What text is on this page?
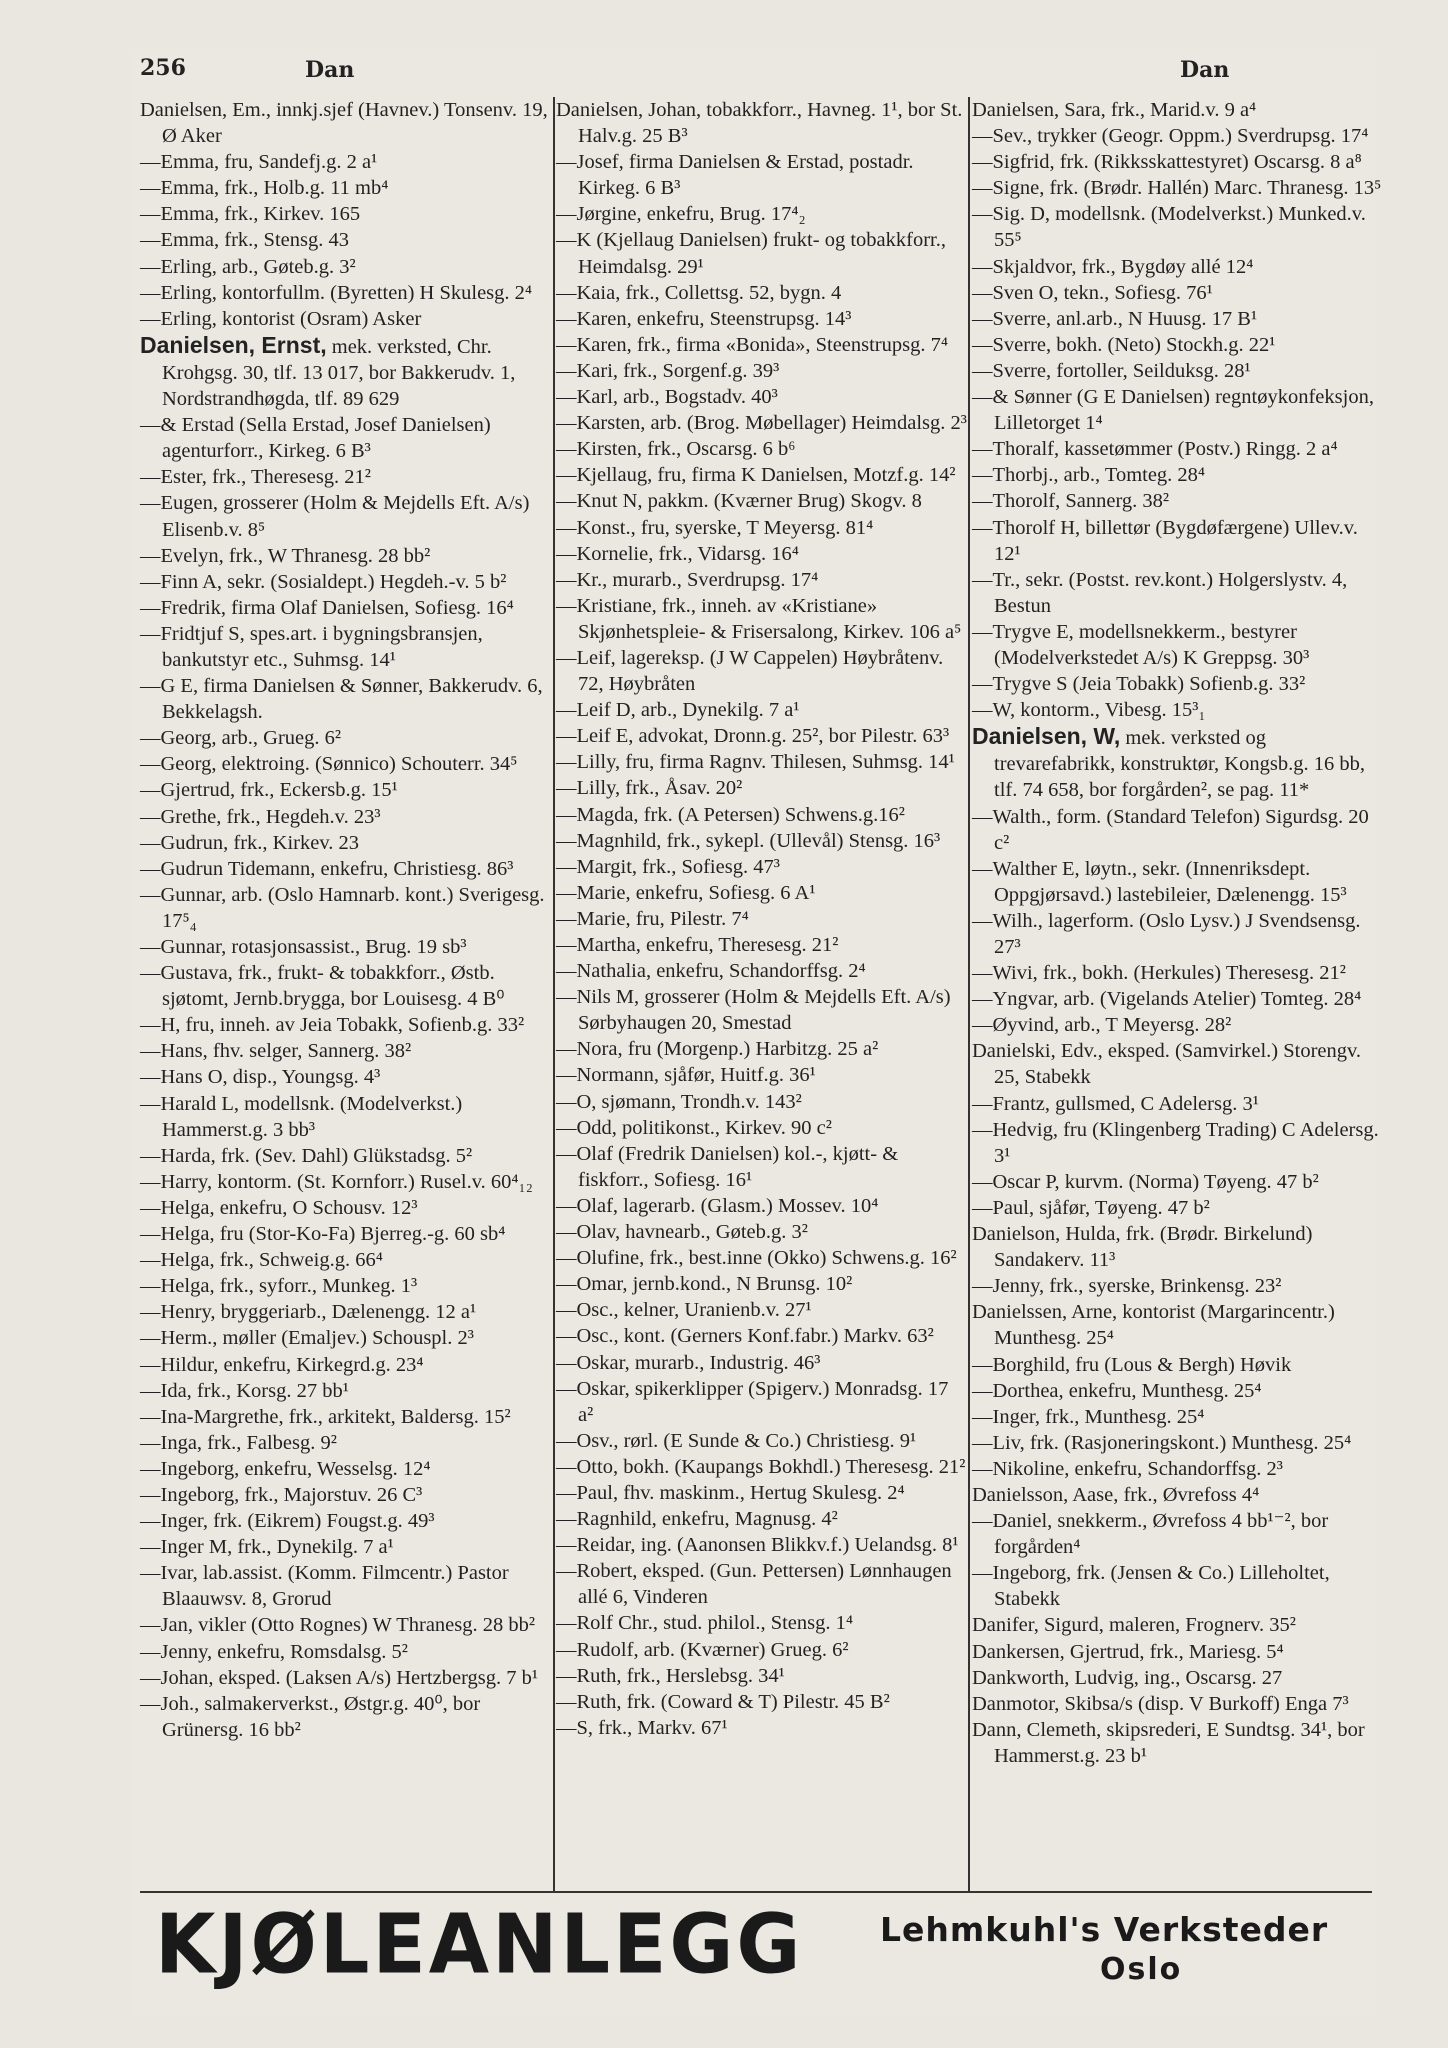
256	Dan	Dan

Danielsen, Em., innkj.sjef (Havnev.) Tonsenv. 19, Ø Aker

—Emma, fru, Sandefj.g. 2 a¹

—Emma, frk., Holb.g. 11 mb⁴

—Emma, frk., Kirkev. 165

—Emma, frk., Stensg. 43

—Erling, arb., Gøteb.g. 3²

—Erling, kontorfullm. (Byretten) H Skulesg. 2⁴

—Erling, kontorist (Osram) Asker

Danielsen, Ernst, mek. verksted, Chr. Krohgsg. 30, tlf. 13 017, bor Bakkerudv. 1, Nordstrandhøgda, tlf. 89 629

—& Erstad (Sella Erstad, Josef Danielsen) agenturforr., Kirkeg. 6 B³

—Ester, frk., Theresesg. 21²

—Eugen, grosserer (Holm & Mejdells Eft. A/s) Elisenb.v. 8⁵

—Evelyn, frk., W Thranesg. 28 bb²

—Finn A, sekr. (Sosialdept.) Hegdeh.-v. 5 b²

—Fredrik, firma Olaf Danielsen, Sofiesg. 16⁴

—Fridtjuf S, spes.art. i bygningsbransjen, bankutstyr etc., Suhmsg. 14¹

—G E, firma Danielsen & Sønner, Bakkerudv. 6, Bekkelagsh.

—Georg, arb., Grueg. 6²

—Georg, elektroing. (Sønnico) Schouterr. 34⁵

—Gjertrud, frk., Eckersb.g. 15¹

—Grethe, frk., Hegdeh.v. 23³

—Gudrun, frk., Kirkev. 23

—Gudrun Tidemann, enkefru, Christiesg. 86³

—Gunnar, arb. (Oslo Hamnarb. kont.) Sverigesg. 17⁵₄

—Gunnar, rotasjonsassist., Brug. 19 sb³

—Gustava, frk., frukt- & tobakkforr., Østb. sjøtomt, Jernb.brygga, bor Louisesg. 4 B⁰

—H, fru, inneh. av Jeia Tobakk, Sofienb.g. 33²

—Hans, fhv. selger, Sannerg. 38²

—Hans O, disp., Youngsg. 4³

—Harald L, modellsnk. (Modelverkst.) Hammerst.g. 3 bb³

—Harda, frk. (Sev. Dahl) Glükstadsg. 5²

—Harry, kontorm. (St. Kornforr.) Rusel.v. 60⁴₁₂

—Helga, enkefru, O Schousv. 12³

—Helga, fru (Stor-Ko-Fa) Bjerreg.-g. 60 sb⁴

—Helga, frk., Schweig.g. 66⁴

—Helga, frk., syforr., Munkeg. 1³

—Henry, bryggeriarb., Dælenengg. 12 a¹

—Herm., møller (Emaljev.) Schouspl. 2³

—Hildur, enkefru, Kirkegrd.g. 23⁴

—Ida, frk., Korsg. 27 bb¹

—Ina-Margrethe, frk., arkitekt, Baldersg. 15²

—Inga, frk., Falbesg. 9²

—Ingeborg, enkefru, Wesselsg. 12⁴

—Ingeborg, frk., Majorstuv. 26 C³

—Inger, frk. (Eikrem) Fougst.g. 49³

—Inger M, frk., Dynekilg. 7 a¹

—Ivar, lab.assist. (Komm. Filmcentr.) Pastor Blaauwsv. 8, Grorud

—Jan, vikler (Otto Rognes) W Thranesg. 28 bb²

—Jenny, enkefru, Romsdalsg. 5²

—Johan, eksped. (Laksen A/s) Hertzbergsg. 7 b¹

—Joh., salmakerverkst., Østgr.g. 40⁰, bor Grünersg. 16 bb²

Danielsen, Johan, tobakkforr., Havneg. 1¹, bor St. Halv.g. 25 B³

—Josef, firma Danielsen & Erstad, postadr. Kirkeg. 6 B³

—Jørgine, enkefru, Brug. 17⁴₂

—K (Kjellaug Danielsen) frukt- og tobakkforr., Heimdalsg. 29¹

—Kaia, frk., Collettsg. 52, bygn. 4

—Karen, enkefru, Steenstrupsg. 14³

—Karen, frk., firma «Bonida», Steenstrupsg. 7⁴

—Kari, frk., Sorgenf.g. 39³

—Karl, arb., Bogstadv. 40³

—Karsten, arb. (Brog. Møbellager) Heimdalsg. 2³

—Kirsten, frk., Oscarsg. 6 b⁶

—Kjellaug, fru, firma K Danielsen, Motzf.g. 14²

—Knut N, pakkm. (Kværner Brug) Skogv. 8

—Konst., fru, syerske, T Meyersg. 81⁴

—Kornelie, frk., Vidarsg. 16⁴

—Kr., murarb., Sverdrupsg. 17⁴

—Kristiane, frk., inneh. av «Kristiane» Skjønhetspleie- & Frisersalong, Kirkev. 106 a⁵

—Leif, lagereksp. (J W Cappelen) Høybråtenv. 72, Høybråten

—Leif D, arb., Dynekilg. 7 a¹

—Leif E, advokat, Dronn.g. 25², bor Pilestr. 63³

—Lilly, fru, firma Ragnv. Thilesen, Suhmsg. 14¹

—Lilly, frk., Åsav. 20²

—Magda, frk. (A Petersen) Schwens.g.16²

—Magnhild, frk., sykepl. (Ullevål) Stensg. 16³

—Margit, frk., Sofiesg. 47³

—Marie, enkefru, Sofiesg. 6 A¹

—Marie, fru, Pilestr. 7⁴

—Martha, enkefru, Theresesg. 21²

—Nathalia, enkefru, Schandorffsg. 2⁴

—Nils M, grosserer (Holm & Mejdells Eft. A/s) Sørbyhaugen 20, Smestad

—Nora, fru (Morgenp.) Harbitzg. 25 a²

—Normann, sjåfør, Huitf.g. 36¹

—O, sjømann, Trondh.v. 143²

—Odd, politikonst., Kirkev. 90 c²

—Olaf (Fredrik Danielsen) kol.-, kjøtt- & fiskforr., Sofiesg. 16¹

—Olaf, lagerarb. (Glasm.) Mossev. 10⁴

—Olav, havnearb., Gøteb.g. 3²

—Olufine, frk., best.inne (Okko) Schwens.g. 16²

—Omar, jernb.kond., N Brunsg. 10²

—Osc., kelner, Uranienb.v. 27¹

—Osc., kont. (Gerners Konf.fabr.) Markv. 63²

—Oskar, murarb., Industrig. 46³

—Oskar, spikerklipper (Spigerv.) Monradsg. 17 a²

—Osv., rørl. (E Sunde & Co.) Christiesg. 9¹

—Otto, bokh. (Kaupangs Bokhdl.) Theresesg. 21²

—Paul, fhv. maskinm., Hertug Skulesg. 2⁴

—Ragnhild, enkefru, Magnusg. 4²

—Reidar, ing. (Aanonsen Blikkv.f.) Uelandsg. 8¹

—Robert, eksped. (Gun. Pettersen) Lønnhaugen allé 6, Vinderen

—Rolf Chr., stud. philol., Stensg. 1⁴

—Rudolf, arb. (Kværner) Grueg. 6²

—Ruth, frk., Herslebsg. 34¹

—Ruth, frk. (Coward & T) Pilestr. 45 B²

—S, frk., Markv. 67¹

Danielsen, Sara, frk., Marid.v. 9 a⁴

—Sev., trykker (Geogr. Oppm.) Sverdrupsg. 17⁴

—Sigfrid, frk. (Rikksskattestyret) Oscarsg. 8 a⁸

—Signe, frk. (Brødr. Hallén) Marc. Thranesg. 13⁵

—Sig. D, modellsnk. (Modelverkst.) Munked.v. 55⁵

—Skjaldvor, frk., Bygdøy allé 12⁴

—Sven O, tekn., Sofiesg. 76¹

—Sverre, anl.arb., N Huusg. 17 B¹

—Sverre, bokh. (Neto) Stockh.g. 22¹

—Sverre, fortoller, Seilduksg. 28¹

—& Sønner (G E Danielsen) regntøykonfeksjon, Lilletorget 1⁴

—Thoralf, kassetømmer (Postv.) Ringg. 2 a⁴

—Thorbj., arb., Tomteg. 28⁴

—Thorolf, Sannerg. 38²

—Thorolf H, billettør (Bygdøfærgene) Ullev.v. 12¹

—Tr., sekr. (Postst. rev.kont.) Holgerslystv. 4, Bestun

—Trygve E, modellsnekkerm., bestyrer (Modelverkstedet A/s) K Greppsg. 30³

—Trygve S (Jeia Tobakk) Sofienb.g. 33²

—W, kontorm., Vibesg. 15³₁

Danielsen, W, mek. verksted og trevarefabrikk, konstruktør, Kongsb.g. 16 bb, tlf. 74 658, bor forgården², se pag. 11*

—Walth., form. (Standard Telefon) Sigurdsg. 20 c²

—Walther E, løytn., sekr. (Innenriksdept. Oppgjørsavd.) lastebileier, Dælenengg. 15³

—Wilh., lagerform. (Oslo Lysv.) J Svendsensg. 27³

—Wivi, frk., bokh. (Herkules) Theresesg. 21²

—Yngvar, arb. (Vigelands Atelier) Tomteg. 28⁴

—Øyvind, arb., T Meyersg. 28²

Danielski, Edv., eksped. (Samvirkel.) Storengv. 25, Stabekk

—Frantz, gullsmed, C Adelersg. 3¹

—Hedvig, fru (Klingenberg Trading) C Adelersg. 3¹

—Oscar P, kurvm. (Norma) Tøyeng. 47 b²

—Paul, sjåfør, Tøyeng. 47 b²

Danielson, Hulda, frk. (Brødr. Birkelund) Sandakerv. 11³

—Jenny, frk., syerske, Brinkensg. 23²

Danielssen, Arne, kontorist (Margarincentr.) Munthesg. 25⁴

—Borghild, fru (Lous & Bergh) Høvik

—Dorthea, enkefru, Munthesg. 25⁴

—Inger, frk., Munthesg. 25⁴

—Liv, frk. (Rasjoneringskont.) Munthesg. 25⁴

—Nikoline, enkefru, Schandorffsg. 2³

Danielsson, Aase, frk., Øvrefoss 4⁴

—Daniel, snekkerm., Øvrefoss 4 bb¹⁻², bor forgården⁴

—Ingeborg, frk. (Jensen & Co.) Lilleholtet, Stabekk

Danifer, Sigurd, maleren, Frognerv. 35²

Dankersen, Gjertrud, frk., Mariesg. 5⁴

Dankworth, Ludvig, ing., Oscarsg. 27

Danmotor, Skibsa/s (disp. V Burkoff) Enga 7³

Dann, Clemeth, skipsrederi, E Sundtsg. 34¹, bor Hammerst.g. 23 b¹

KJØLEANLEGG Lehmkuhl's Verksteder
Oslo
